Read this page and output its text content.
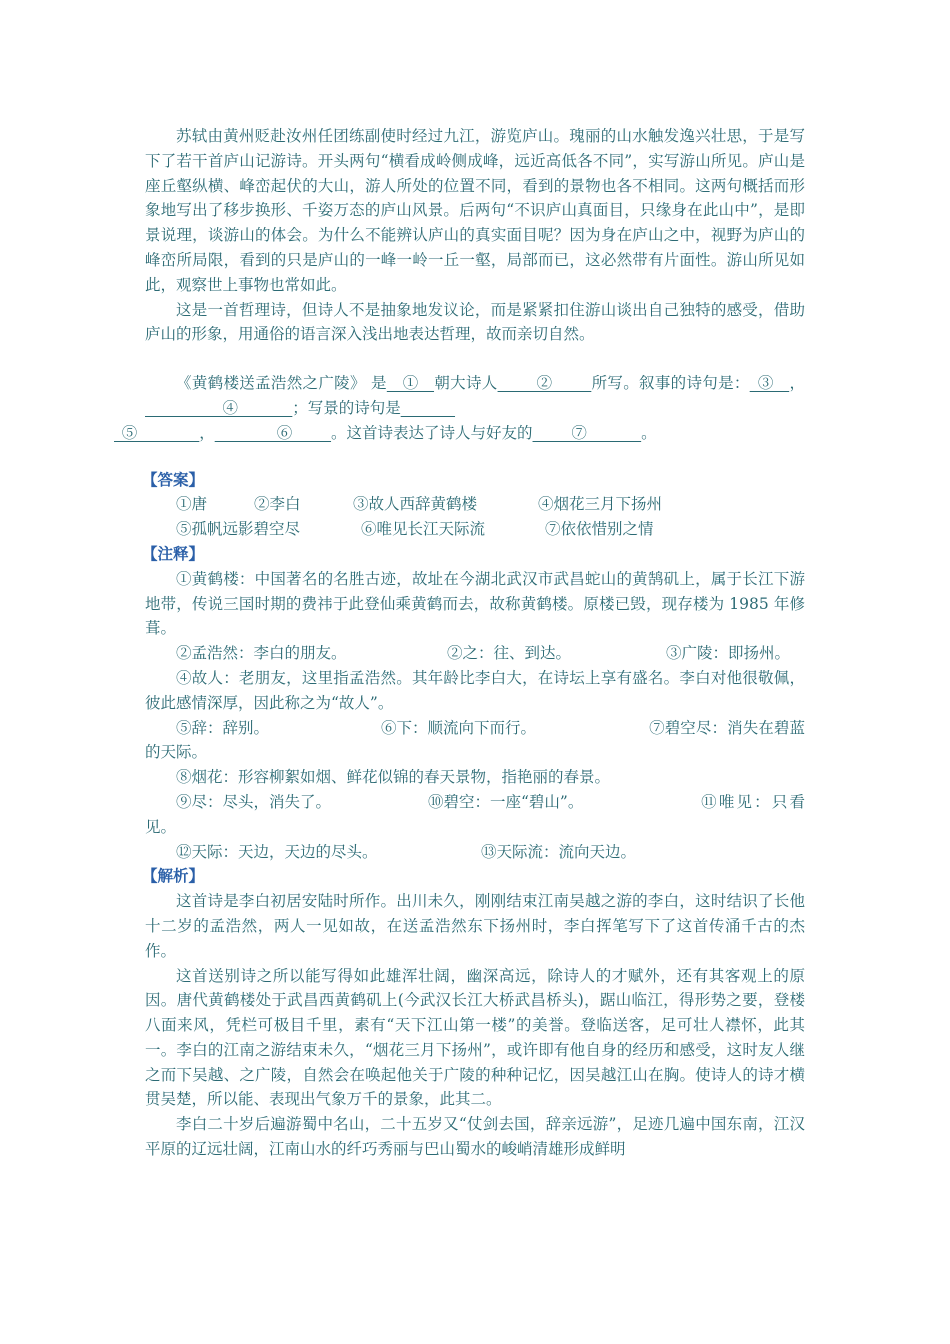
苏轼由黄州贬赴汝州任团练副使时经过九江，游览庐山。瑰丽的山水触发逸兴壮思，于是写下了若干首庐山记游诗。开头两句“横看成岭侧成峰，远近高低各不同”，实写游山所见。庐山是座丘壑纵横、峰峦起伏的大山，游人所处的位置不同，看到的景物也各不相同。这两句概括而形象地写出了移步换形、千姿万态的庐山风景。后两句“不识庐山真面目，只缘身在此山中”，是即景说理，谈游山的体会。为什么不能辨认庐山的真实面目呢？因为身在庐山之中，视野为庐山的峰峦所局限，看到的只是庐山的一峰一岭一丘一壑，局部而已，这必然带有片面性。游山所见如此，观察世上事物也常如此。

这是一首哲理诗，但诗人不是抽象地发议论，而是紧紧扣住游山谈出自己独特的感受，借助庐山的形象，用通俗的语言深入浅出地表达哲理，故而亲切自然。

《黄鹤楼送孟浩然之广陵》 是__①__朝大诗人_____②_____所写。叙事的诗句是：_③__，__________④_______；写景的诗句是_______
_⑤________，________⑥_____。这首诗表达了诗人与好友的_____⑦_______。

【答案】

①唐	②李白	③故人西辞黄鹤楼	④烟花三月下扬州
⑤孤帆远影碧空尽	⑥唯见长江天际流	⑦依依惜别之情

【注释】

①黄鹤楼：中国著名的名胜古迹，故址在今湖北武汉市武昌蛇山的黄鹄矶上，属于长江下游地带，传说三国时期的费祎于此登仙乘黄鹤而去，故称黄鹤楼。原楼已毁，现存楼为 1985 年修葺。

②孟浩然：李白的朋友。	②之：往、到达。	③广陵：即扬州。

④故人：老朋友，这里指孟浩然。其年龄比李白大，在诗坛上享有盛名。李白对他很敬佩，彼此感情深厚，因此称之为“故人”。

⑤辞：辞别。	⑥下：顺流向下而行。	⑦碧空尽：消失在碧蓝的天际。

⑧烟花：形容柳絮如烟、鲜花似锦的春天景物，指艳丽的春景。

⑨尽：尽头，消失了。	⑩碧空：一座“碧山”。	⑪唯见：只看见。

⑫天际：天边，天边的尽头。	⑬天际流：流向天边。

【解析】

这首诗是李白初居安陆时所作。出川未久，刚刚结束江南吴越之游的李白，这时结识了长他十二岁的孟浩然，两人一见如故，在送孟浩然东下扬州时，李白挥笔写下了这首传涌千古的杰作。

这首送别诗之所以能写得如此雄浑壮阔，幽深高远，除诗人的才赋外，还有其客观上的原因。唐代黄鹤楼处于武昌西黄鹤矶上(今武汉长江大桥武昌桥头)，踞山临江，得形势之要，登楼八面来风，凭栏可极目千里，素有“天下江山第一楼”的美誉。登临送客，足可壮人襟怀，此其一。李白的江南之游结束未久，“烟花三月下扬州”，或许即有他自身的经历和感受，这时友人继之而下吴越、之广陵，自然会在唤起他关于广陵的种种记忆，因吴越江山在胸。使诗人的诗才横贯吴楚，所以能、表现出气象万千的景象，此其二。

李白二十岁后遍游蜀中名山，二十五岁又“仗剑去国，辞亲远游”，足迹几遍中国东南，江汉平原的辽远壮阔，江南山水的纤巧秀丽与巴山蜀水的峻峭清雄形成鲜明
